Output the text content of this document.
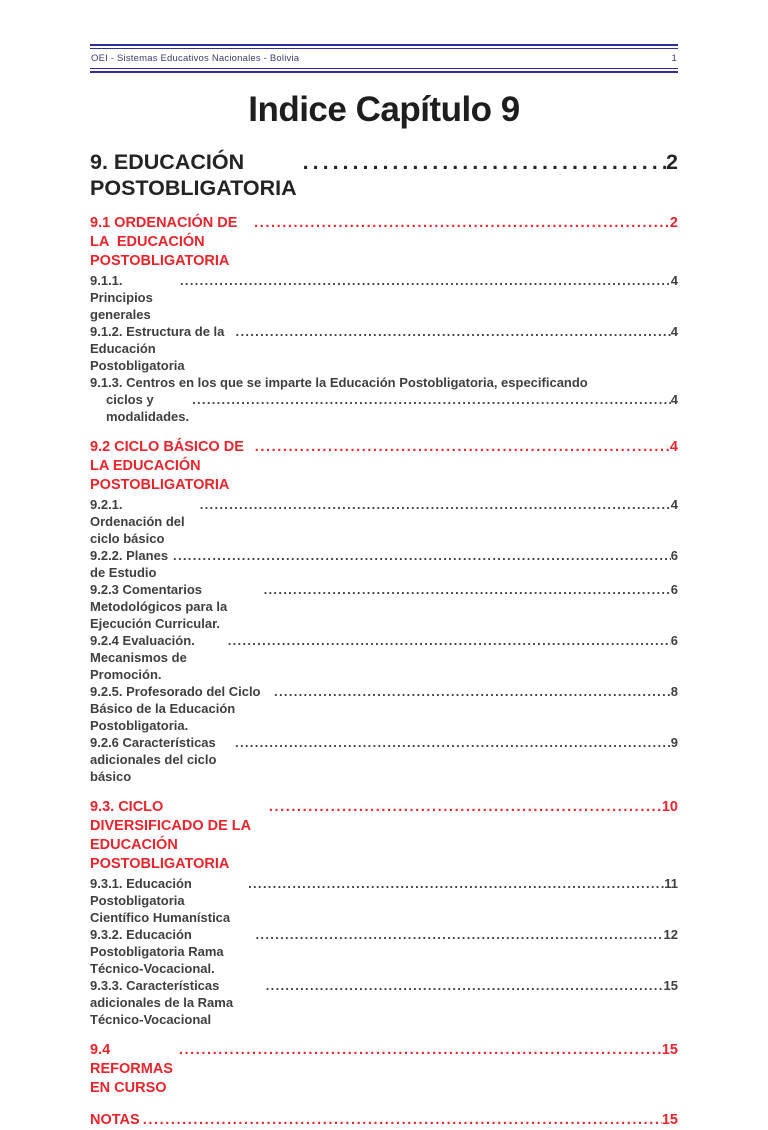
OEI - Sistemas Educativos Nacionales - Bolivia	1
Indice Capítulo 9
9. EDUCACIÓN POSTOBLIGATORIA
.....
2
9.1 ORDENACIÓN DE LA  EDUCACIÓN POSTOBLIGATORIA
.....
2
9.1.1. Principios generales
.....
4
9.1.2. Estructura de la Educación Postobligatoria
.....
4
9.1.3. Centros en los que se imparte la Educación Postobligatoria, especificando
ciclos y modalidades.
.....
4
9.2 CICLO BÁSICO DE LA EDUCACIÓN POSTOBLIGATORIA
.....
4
9.2.1. Ordenación del ciclo básico
.....
4
9.2.2. Planes de Estudio
.....
6
9.2.3 Comentarios Metodológicos para la Ejecución Curricular.
.....
6
9.2.4 Evaluación. Mecanismos de Promoción.
.....
6
9.2.5. Profesorado del Ciclo Básico de la Educación Postobligatoria.
.....
8
9.2.6 Características adicionales del ciclo básico
.....
9
9.3. CICLO DIVERSIFICADO DE LA EDUCACIÓN POSTOBLIGATORIA
.....
10
9.3.1. Educación Postobligatoria Científico Humanística
.....
11
9.3.2. Educación Postobligatoria Rama Técnico-Vocacional.
.....
12
9.3.3. Características adicionales de la Rama Técnico-Vocacional
.....
15
9.4 REFORMAS EN CURSO
.....
15
NOTAS .....	15
